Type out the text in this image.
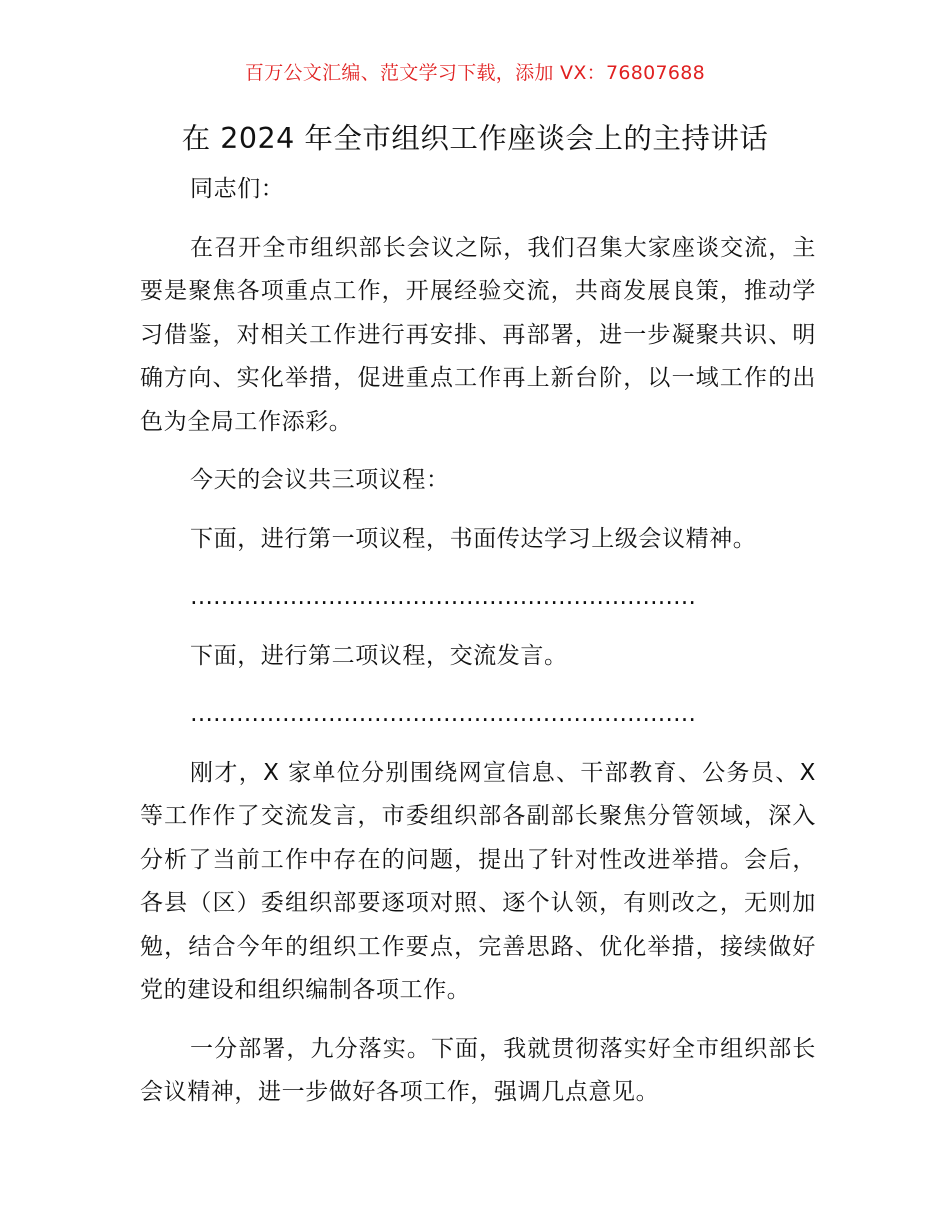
百万公文汇编、范文学习下载，添加 VX：76807688
在 2024 年全市组织工作座谈会上的主持讲话

同志们：

在召开全市组织部长会议之际，我们召集大家座谈交流，主要是聚焦各项重点工作，开展经验交流，共商发展良策，推动学习借鉴，对相关工作进行再安排、再部署，进一步凝聚共识、明确方向、实化举措，促进重点工作再上新台阶，以一域工作的出色为全局工作添彩。

今天的会议共三项议程：

下面，进行第一项议程，书面传达学习上级会议精神。

…………………………………………………………

下面，进行第二项议程，交流发言。

…………………………………………………………

刚才，X 家单位分别围绕网宣信息、干部教育、公务员、X 等工作作了交流发言，市委组织部各副部长聚焦分管领域，深入分析了当前工作中存在的问题，提出了针对性改进举措。会后，各县（区）委组织部要逐项对照、逐个认领，有则改之，无则加勉，结合今年的组织工作要点，完善思路、优化举措，接续做好党的建设和组织编制各项工作。

一分部署，九分落实。下面，我就贯彻落实好全市组织部长会议精神，进一步做好各项工作，强调几点意见。
